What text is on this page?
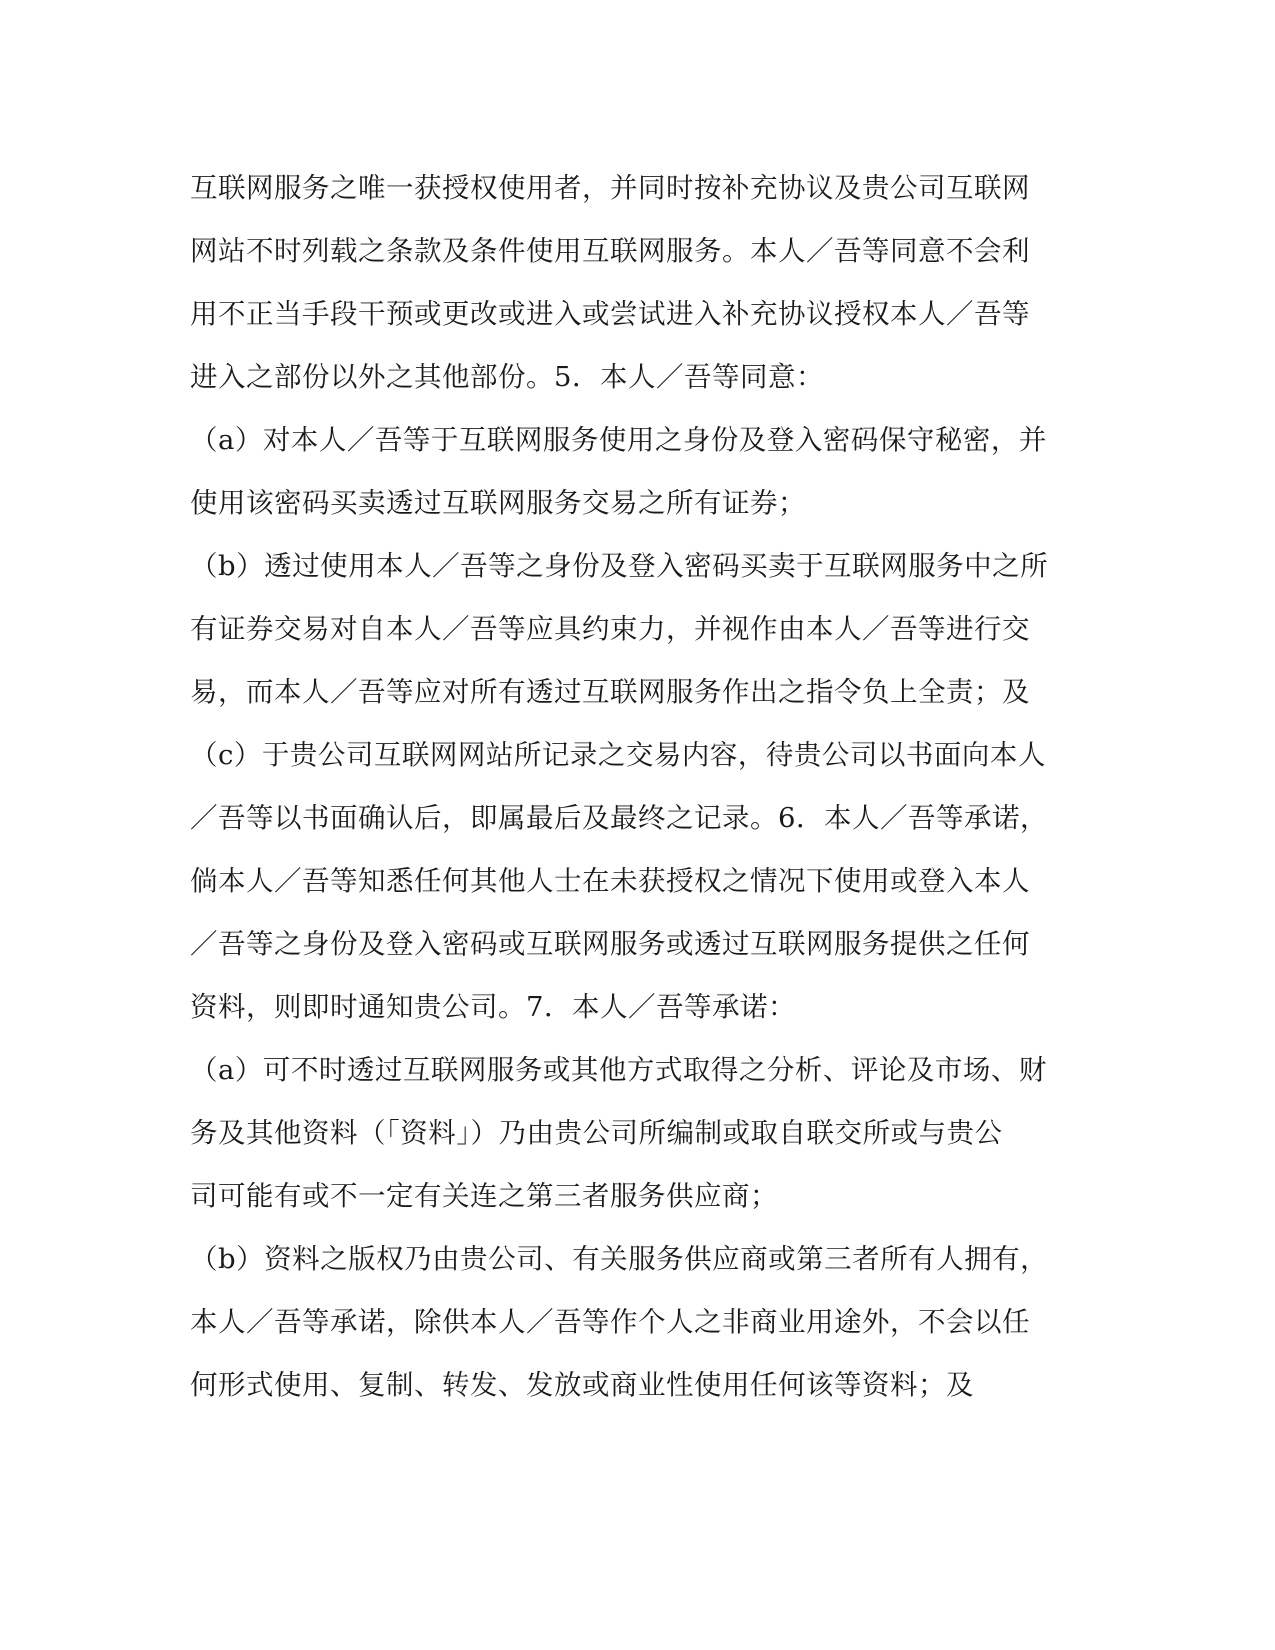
互联网服务之唯一获授权使用者，并同时按补充协议及贵公司互联网
网站不时列载之条款及条件使用互联网服务。本人／吾等同意不会利
用不正当手段干预或更改或进入或尝试进入补充协议授权本人／吾等
进入之部份以外之其他部份。5．本人／吾等同意：
（a）对本人／吾等于互联网服务使用之身份及登入密码保守秘密，并
使用该密码买卖透过互联网服务交易之所有证券；
（b）透过使用本人／吾等之身份及登入密码买卖于互联网服务中之所
有证券交易对自本人／吾等应具约束力，并视作由本人／吾等进行交
易，而本人／吾等应对所有透过互联网服务作出之指令负上全责；及
（c）于贵公司互联网网站所记录之交易内容，待贵公司以书面向本人
／吾等以书面确认后，即属最后及最终之记录。6．本人／吾等承诺，
倘本人／吾等知悉任何其他人士在未获授权之情况下使用或登入本人
／吾等之身份及登入密码或互联网服务或透过互联网服务提供之任何
资料，则即时通知贵公司。7．本人／吾等承诺：
（a）可不时透过互联网服务或其他方式取得之分析、评论及市场、财
务及其他资料（「资料」）乃由贵公司所编制或取自联交所或与贵公
司可能有或不一定有关连之第三者服务供应商；
（b）资料之版权乃由贵公司、有关服务供应商或第三者所有人拥有，
本人／吾等承诺，除供本人／吾等作个人之非商业用途外，不会以任
何形式使用、复制、转发、发放或商业性使用任何该等资料；及
